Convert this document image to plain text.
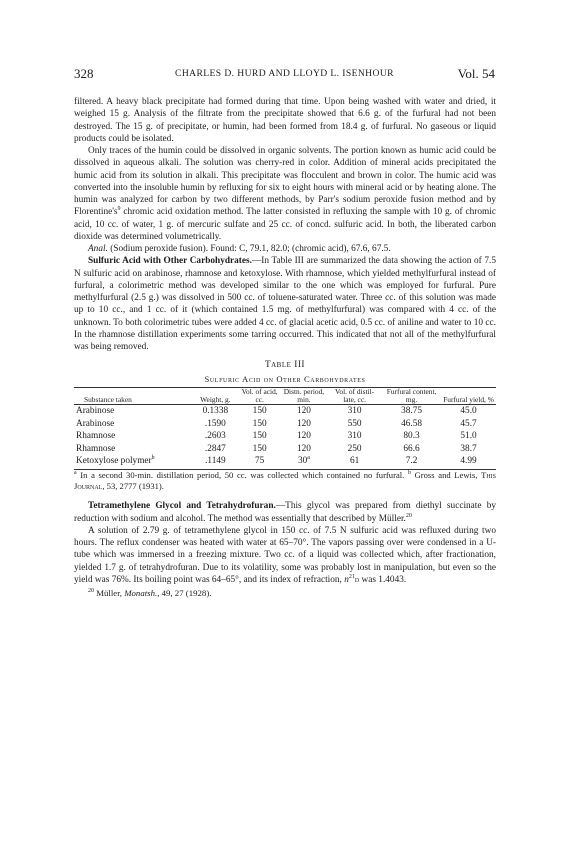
328	CHARLES D. HURD AND LLOYD L. ISENHOUR	Vol. 54

filtered. A heavy black precipitate had formed during that time. Upon being washed with water and dried, it weighed 15 g. Analysis of the filtrate from the precipitate showed that 6.6 g. of the furfural had not been destroyed. The 15 g. of precipitate, or humin, had been formed from 18.4 g. of furfural. No gaseous or liquid products could be isolated.

Only traces of the humin could be dissolved in organic solvents. The portion known as humic acid could be dissolved in aqueous alkali. The solution was cherry-red in color. Addition of mineral acids precipitated the humic acid from its solution in alkali. This precipitate was flocculent and brown in color. The humic acid was converted into the insoluble humin by refluxing for six to eight hours with mineral acid or by heating alone. The humin was analyzed for carbon by two different methods, by Parr's sodium peroxide fusion method and by $Florentine's^9$ chromic acid oxidation method. The latter consisted in refluxing the sample with 10 g. of chromic acid, 10 cc. of water, 1 g. of mercuric sulfate and 25 cc. of concd. sulfuric acid. In both, the liberated carbon dioxide was determined volumetrically.

Anal. (Sodium peroxide fusion). Found: C, 79.1, 82.0; (chromic acid), 67.6, 67.5.

Sulfuric Acid with Other Carbohydrates.—In Table III are summarized the data showing the action of 7.5 N sulfuric acid on arabinose, rhamnose and ketoxylose. With rhamnose, which yielded methylfurfural instead of furfural, a colorimetric method was developed similar to the one which was employed for furfural. Pure methylfurfural (2.5 g.) was dissolved in 500 cc. of toluene-saturated water. Three cc. of this solution was made up to 10 cc., and 1 cc. of it (which contained 1.5 mg. of methylfurfural) was compared with 4 cc. of the unknown. To both colorimetric tubes were added 4 cc. of glacial acetic acid, 0.5 cc. of aniline and water to 10 cc. In the rhamnose distillation experiments some tarring occurred. This indicated that not all of the methylfurfural was being removed.

Table III
Sulfuric Acid on Other Carbohydrates
Substance taken	Weight, g.	Vol. of acid, cc.	Distn. period, min.	Vol. of distil-late, cc.	Furfural content, mg.	Furfural yield, %
Arabinose	0.1338	150	120	310	38.75	45.0
Arabinose	.1590	150	120	550	46.58	45.7
Rhamnose	.2603	150	120	310	80.3	51.0
Rhamnose	.2847	150	120	250	66.6	38.7
Ketoxylose polymer$^b$	.1149	75	30$^a$	61	7.2	4.99

$^a$ In a second 30-min. distillation period, 50 cc. was collected which contained no furfural. $^b$ Gross and Lewis, This Journal, 53, 2777 (1931).

Tetramethylene Glycol and Tetrahydrofuran.—This glycol was prepared from diethyl succinate by reduction with sodium and alcohol. The method was essentially that described by Müller.$^{20}$

A solution of 2.79 g. of tetramethylene glycol in 150 cc. of 7.5 N sulfuric acid was refluxed during two hours. The reflux condenser was heated with water at 65–70°. The vapors passing over were condensed in a U-tube which was immersed in a freezing mixture. Two cc. of a liquid was collected which, after fractionation, yielded 1.7 g. of tetrahydrofuran. Due to its volatility, some was probably lost in manipulation, but even so the yield was 76%. Its boiling point was 64–65°, and its index of refraction, $n^{21}D$ was 1.4043.

$^{20}$ Müller, Monatsh., 49, 27 (1928).
